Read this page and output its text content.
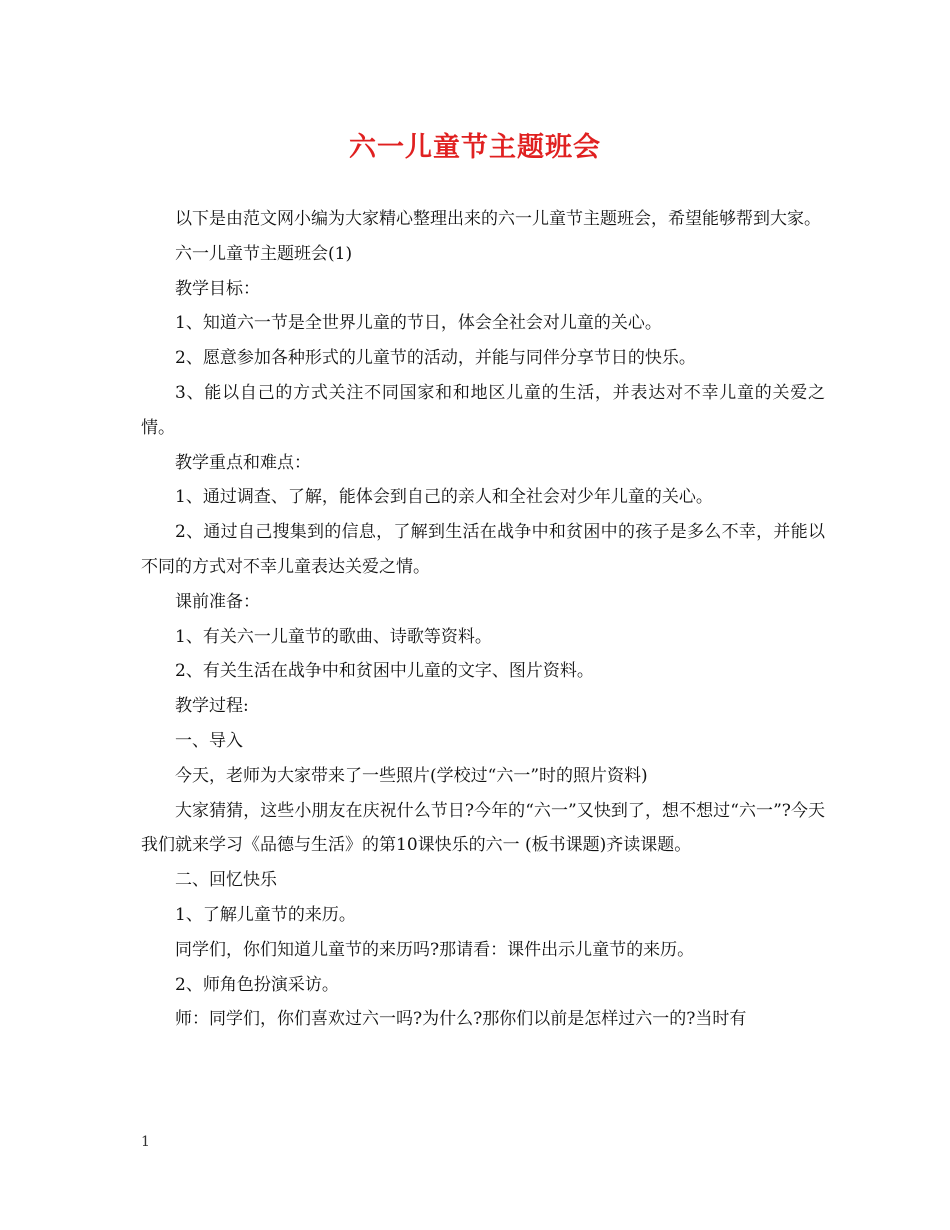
六一儿童节主题班会

以下是由范文网小编为大家精心整理出来的六一儿童节主题班会，希望能够帮到大家。

六一儿童节主题班会(1)

教学目标：

1、知道六一节是全世界儿童的节日，体会全社会对儿童的关心。

2、愿意参加各种形式的儿童节的活动，并能与同伴分享节日的快乐。

3、能以自己的方式关注不同国家和和地区儿童的生活，并表达对不幸儿童的关爱之情。

教学重点和难点：

1、通过调查、了解，能体会到自己的亲人和全社会对少年儿童的关心。

2、通过自己搜集到的信息，了解到生活在战争中和贫困中的孩子是多么不幸，并能以不同的方式对不幸儿童表达关爱之情。

课前准备：

1、有关六一儿童节的歌曲、诗歌等资料。

2、有关生活在战争中和贫困中儿童的文字、图片资料。

教学过程:

一、导入

今天，老师为大家带来了一些照片(学校过“六一”时的照片资料)

大家猜猜，这些小朋友在庆祝什么节日?今年的“六一”又快到了，想不想过“六一”?今天我们就来学习《品德与生活》的第10课快乐的六一 (板书课题)齐读课题。

二、回忆快乐

1、了解儿童节的来历。

同学们，你们知道儿童节的来历吗?那请看：课件出示儿童节的来历。

2、师角色扮演采访。

师：同学们，你们喜欢过六一吗?为什么?那你们以前是怎样过六一的?当时有

1
